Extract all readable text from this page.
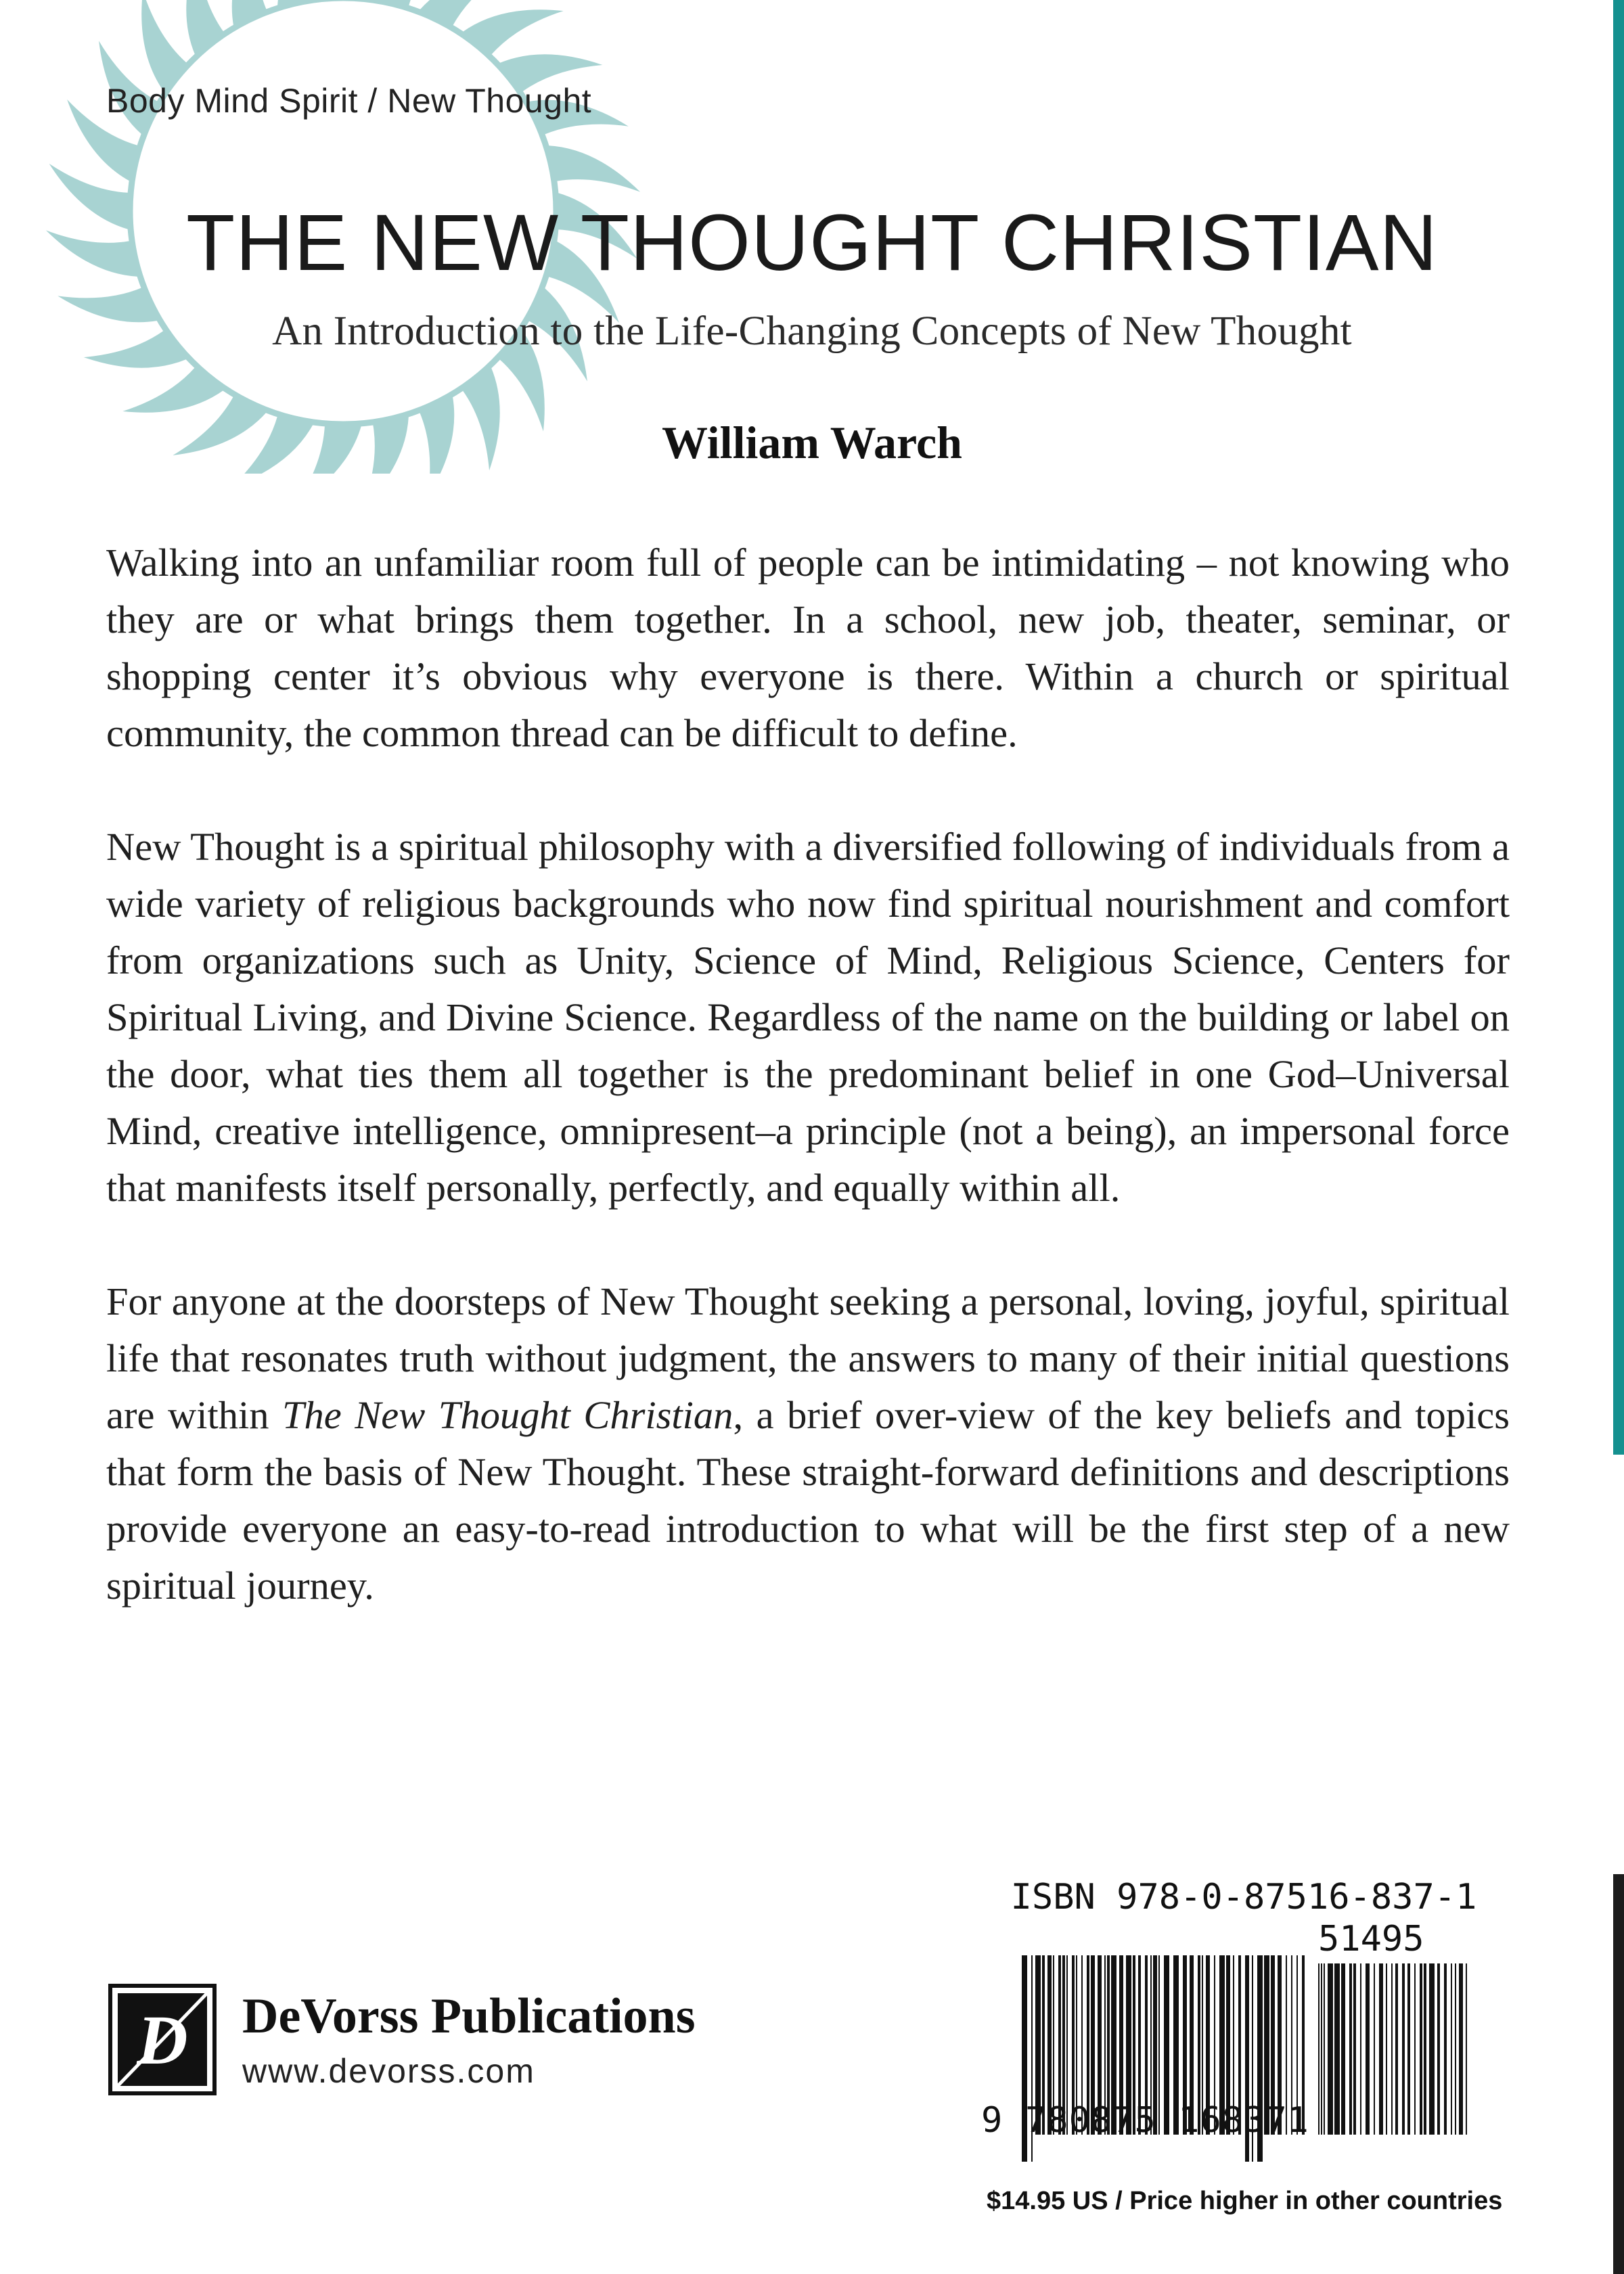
Body Mind Spirit / New Thought
THE NEW THOUGHT CHRISTIAN
An Introduction to the Life-Changing Concepts of New Thought
William Warch

Walking into an unfamiliar room full of people can be intimidating – not knowing who they are or what brings them together. In a school, new job, theater, seminar, or shopping center it’s obvious why everyone is there. Within a church or spiritual community, the common thread can be difficult to define.

New Thought is a spiritual philosophy with a diversified following of individuals from a wide variety of religious backgrounds who now find spiritual nourishment and comfort from organizations such as Unity, Science of Mind, Religious Science, Centers for Spiritual Living, and Divine Science. Regardless of the name on the building or label on the door, what ties them all together is the predominant belief in one God–Universal Mind, creative intelligence, omnipresent–a principle (not a being), an impersonal force that manifests itself personally, perfectly, and equally within all.

For anyone at the doorsteps of New Thought seeking a personal, loving, joyful, spiritual life that resonates truth without judgment, the answers to many of their initial questions are within The New Thought Christian, a brief over-view of the key beliefs and topics that form the basis of New Thought. These straight-forward definitions and descriptions provide everyone an easy-to-read introduction to what will be the first step of a new spiritual journey.

D DeVorss Publications
www.devorss.com
ISBN 978-0-87516-837-1
51495
9 780875 168371
$14.95 US / Price higher in other countries
